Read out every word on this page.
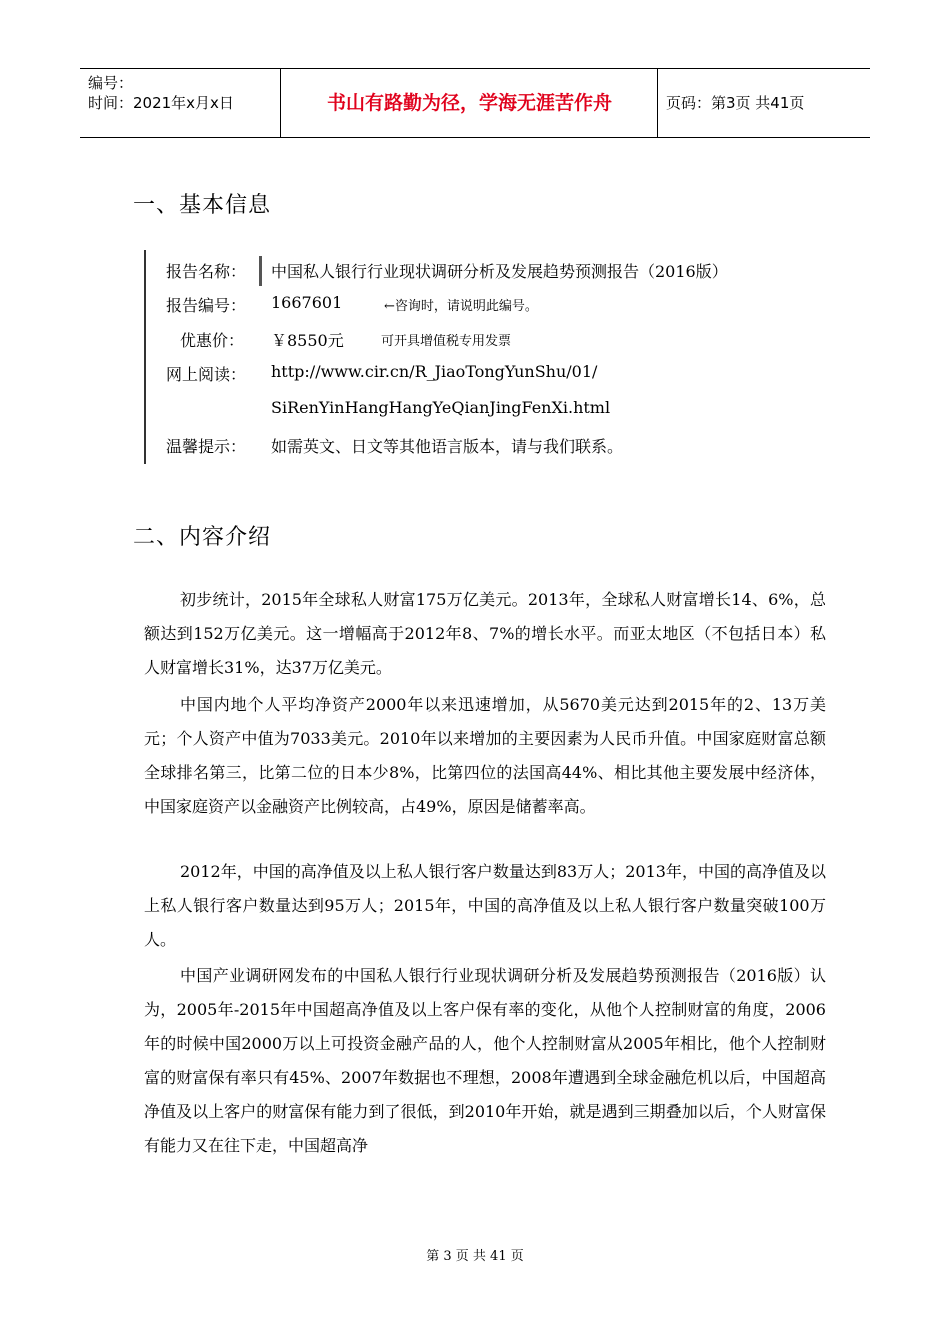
编号：
时间：2021年x月x日	书山有路勤为径，学海无涯苦作舟	页码：第3页 共41页
一、基本信息
报告名称：	中国私人银行行业现状调研分析及发展趋势预测报告（2016版）
报告编号：	1667601	←咨询时，请说明此编号。
优惠价：	￥8550元	可开具增值税专用发票
网上阅读：	http://www.cir.cn/R_JiaoTongYunShu/01/
SiRenYinHangHangYeQianJingFenXi.html
温馨提示：	如需英文、日文等其他语言版本，请与我们联系。
二、内容介绍

初步统计，2015年全球私人财富175万亿美元。2013年，全球私人财富增长14、6%，总额达到152万亿美元。这一增幅高于2012年8、7%的增长水平。而亚太地区（不包括日本）私人财富增长31%，达37万亿美元。

中国内地个人平均净资产2000年以来迅速增加，从5670美元达到2015年的2、13万美元；个人资产中值为7033美元。2010年以来增加的主要因素为人民币升值。中国家庭财富总额全球排名第三，比第二位的日本少8%，比第四位的法国高44%、相比其他主要发展中经济体，中国家庭资产以金融资产比例较高，占49%，原因是储蓄率高。

2012年，中国的高净值及以上私人银行客户数量达到83万人；2013年，中国的高净值及以上私人银行客户数量达到95万人；2015年，中国的高净值及以上私人银行客户数量突破100万人。

中国产业调研网发布的中国私人银行行业现状调研分析及发展趋势预测报告（2016版）认为，2005年-2015年中国超高净值及以上客户保有率的变化，从他个人控制财富的角度，2006年的时候中国2000万以上可投资金融产品的人，他个人控制财富从2005年相比，他个人控制财富的财富保有率只有45%、2007年数据也不理想，2008年遭遇到全球金融危机以后，中国超高净值及以上客户的财富保有能力到了很低，到2010年开始，就是遇到三期叠加以后，个人财富保有能力又在往下走，中国超高净

第 3 页 共 41 页
